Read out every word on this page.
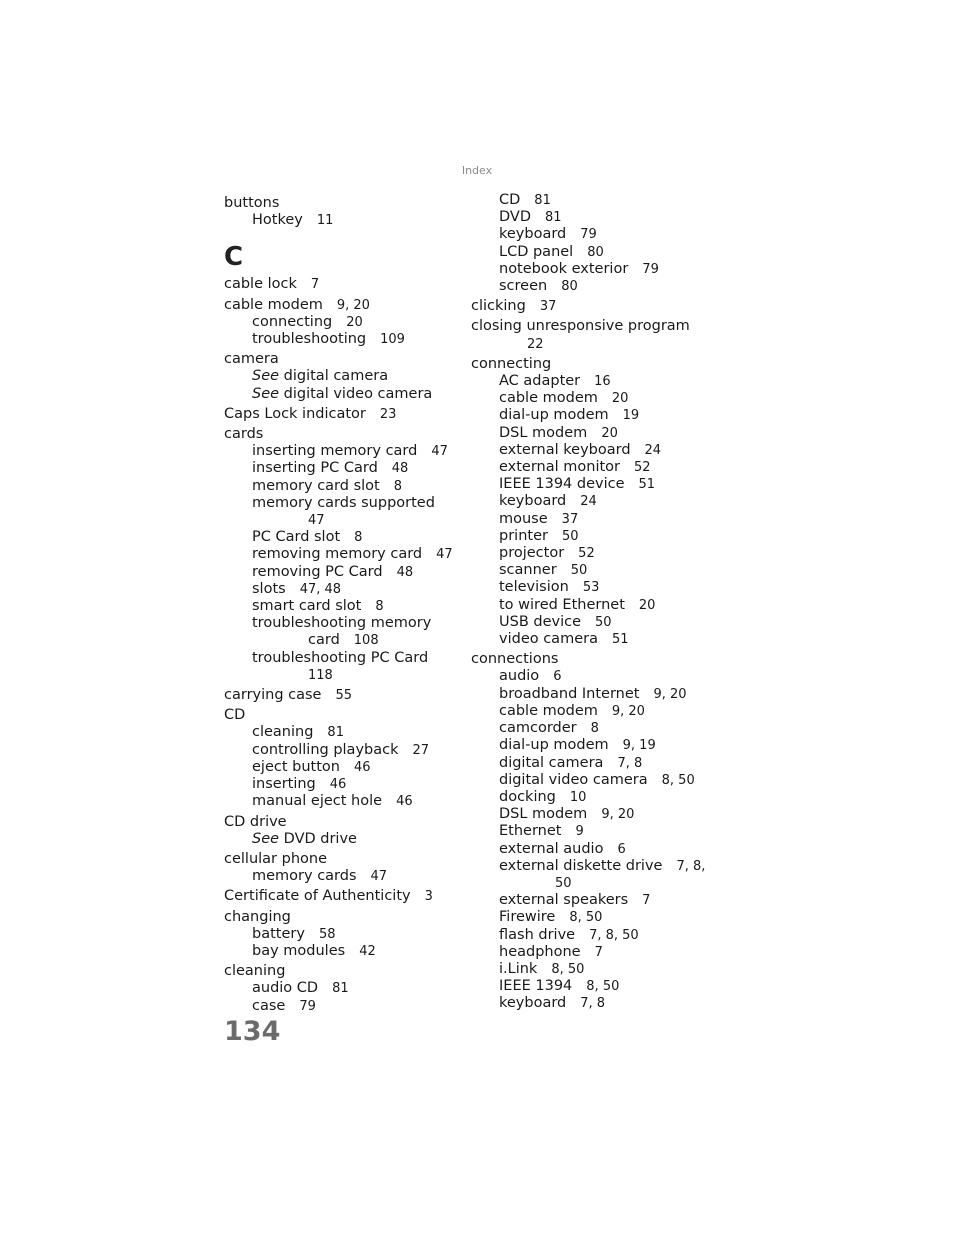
Index
buttons
Hotkey 11
C
cable lock 7
cable modem 9, 20
connecting 20
troubleshooting 109
camera
See digital camera
See digital video camera
Caps Lock indicator 23
cards
inserting memory card 47
inserting PC Card 48
memory card slot 8
memory cards supported
47
PC Card slot 8
removing memory card 47
removing PC Card 48
slots 47, 48
smart card slot 8
troubleshooting memory
card 108
troubleshooting PC Card
118
carrying case 55
CD
cleaning 81
controlling playback 27
eject button 46
inserting 46
manual eject hole 46
CD drive
See DVD drive
cellular phone
memory cards 47
Certificate of Authenticity 3
changing
battery 58
bay modules 42
cleaning
audio CD 81
case 79
CD 81
DVD 81
keyboard 79
LCD panel 80
notebook exterior 79
screen 80
clicking 37
closing unresponsive program
22
connecting
AC adapter 16
cable modem 20
dial-up modem 19
DSL modem 20
external keyboard 24
external monitor 52
IEEE 1394 device 51
keyboard 24
mouse 37
printer 50
projector 52
scanner 50
television 53
to wired Ethernet 20
USB device 50
video camera 51
connections
audio 6
broadband Internet 9, 20
cable modem 9, 20
camcorder 8
dial-up modem 9, 19
digital camera 7, 8
digital video camera 8, 50
docking 10
DSL modem 9, 20
Ethernet 9
external audio 6
external diskette drive 7, 8,
50
external speakers 7
Firewire 8, 50
flash drive 7, 8, 50
headphone 7
i.Link 8, 50
IEEE 1394 8, 50
keyboard 7, 8
134
